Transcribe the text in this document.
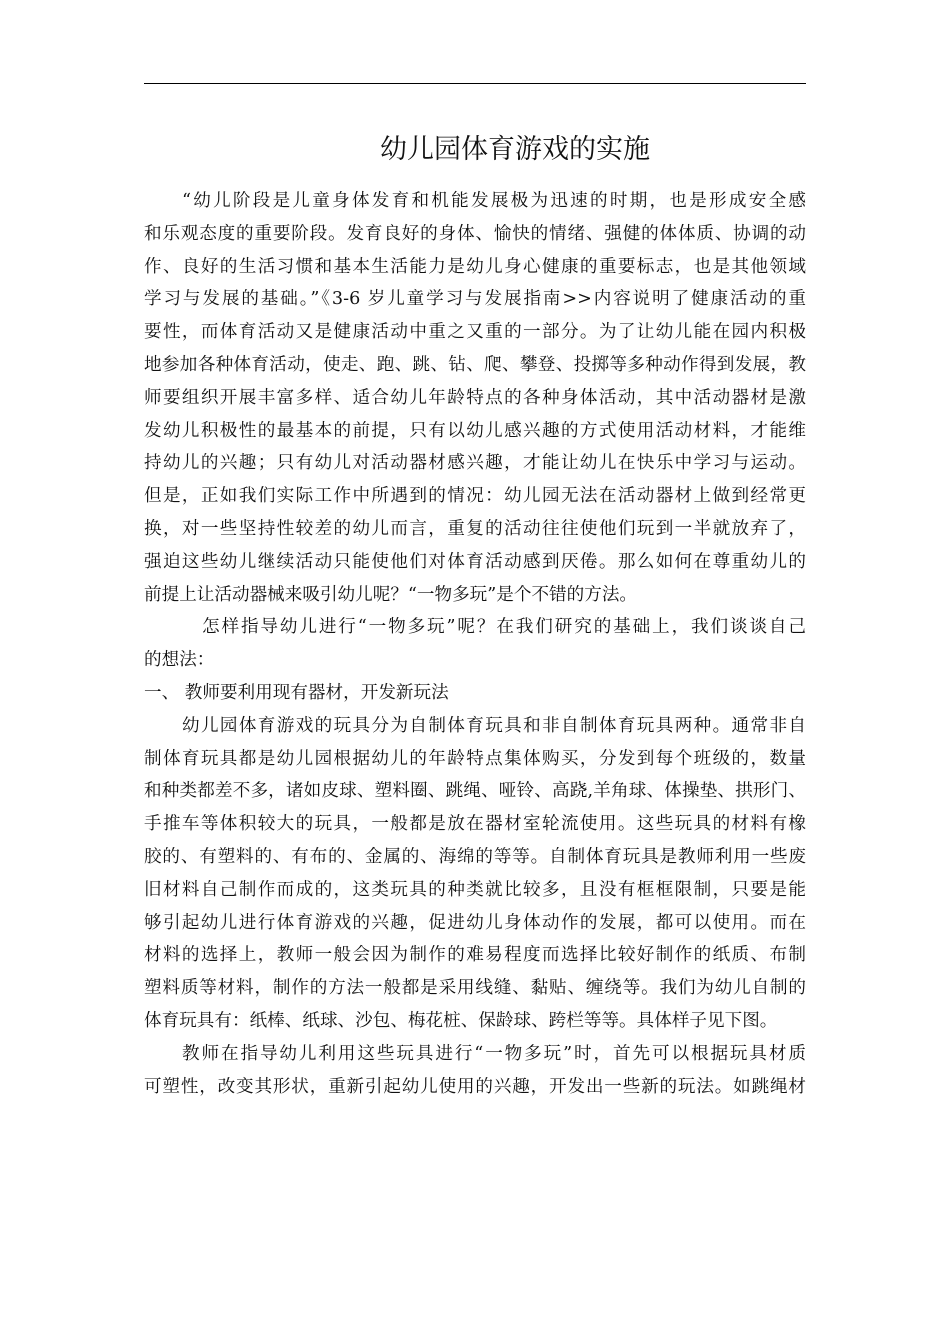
幼儿园体育游戏的实施
“幼儿阶段是儿童身体发育和机能发展极为迅速的时期，也是形成安全感
和乐观态度的重要阶段。发育良好的身体、愉快的情绪、强健的体体质、协调的动
作、良好的生活习惯和基本生活能力是幼儿身心健康的重要标志，也是其他领域
学习与发展的基础。”《3-6 岁儿童学习与发展指南>>内容说明了健康活动的重
要性，而体育活动又是健康活动中重之又重的一部分。为了让幼儿能在园内积极
地参加各种体育活动，使走、跑、跳、钻、爬、攀登、投掷等多种动作得到发展，教
师要组织开展丰富多样、适合幼儿年龄特点的各种身体活动，其中活动器材是激
发幼儿积极性的最基本的前提，只有以幼儿感兴趣的方式使用活动材料，才能维
持幼儿的兴趣；只有幼儿对活动器材感兴趣，才能让幼儿在快乐中学习与运动。
但是，正如我们实际工作中所遇到的情况：幼儿园无法在活动器材上做到经常更
换，对一些坚持性较差的幼儿而言，重复的活动往往使他们玩到一半就放弃了，
强迫这些幼儿继续活动只能使他们对体育活动感到厌倦。那么如何在尊重幼儿的
前提上让活动器械来吸引幼儿呢？“一物多玩”是个不错的方法。
怎样指导幼儿进行“一物多玩”呢？在我们研究的基础上，我们谈谈自己
的想法：
一、 教师要利用现有器材，开发新玩法
幼儿园体育游戏的玩具分为自制体育玩具和非自制体育玩具两种。通常非自
制体育玩具都是幼儿园根据幼儿的年龄特点集体购买，分发到每个班级的，数量
和种类都差不多，诸如皮球、塑料圈、跳绳、哑铃、高跷,羊角球、体操垫、拱形门、
手推车等体积较大的玩具，一般都是放在器材室轮流使用。这些玩具的材料有橡
胶的、有塑料的、有布的、金属的、海绵的等等。自制体育玩具是教师利用一些废
旧材料自己制作而成的，这类玩具的种类就比较多，且没有框框限制，只要是能
够引起幼儿进行体育游戏的兴趣，促进幼儿身体动作的发展，都可以使用。而在
材料的选择上，教师一般会因为制作的难易程度而选择比较好制作的纸质、布制
塑料质等材料，制作的方法一般都是采用线缝、黏贴、缠绕等。我们为幼儿自制的
体育玩具有：纸棒、纸球、沙包、梅花桩、保龄球、跨栏等等。具体样子见下图。
教师在指导幼儿利用这些玩具进行“一物多玩”时，首先可以根据玩具材质
可塑性，改变其形状，重新引起幼儿使用的兴趣，开发出一些新的玩法。如跳绳材
